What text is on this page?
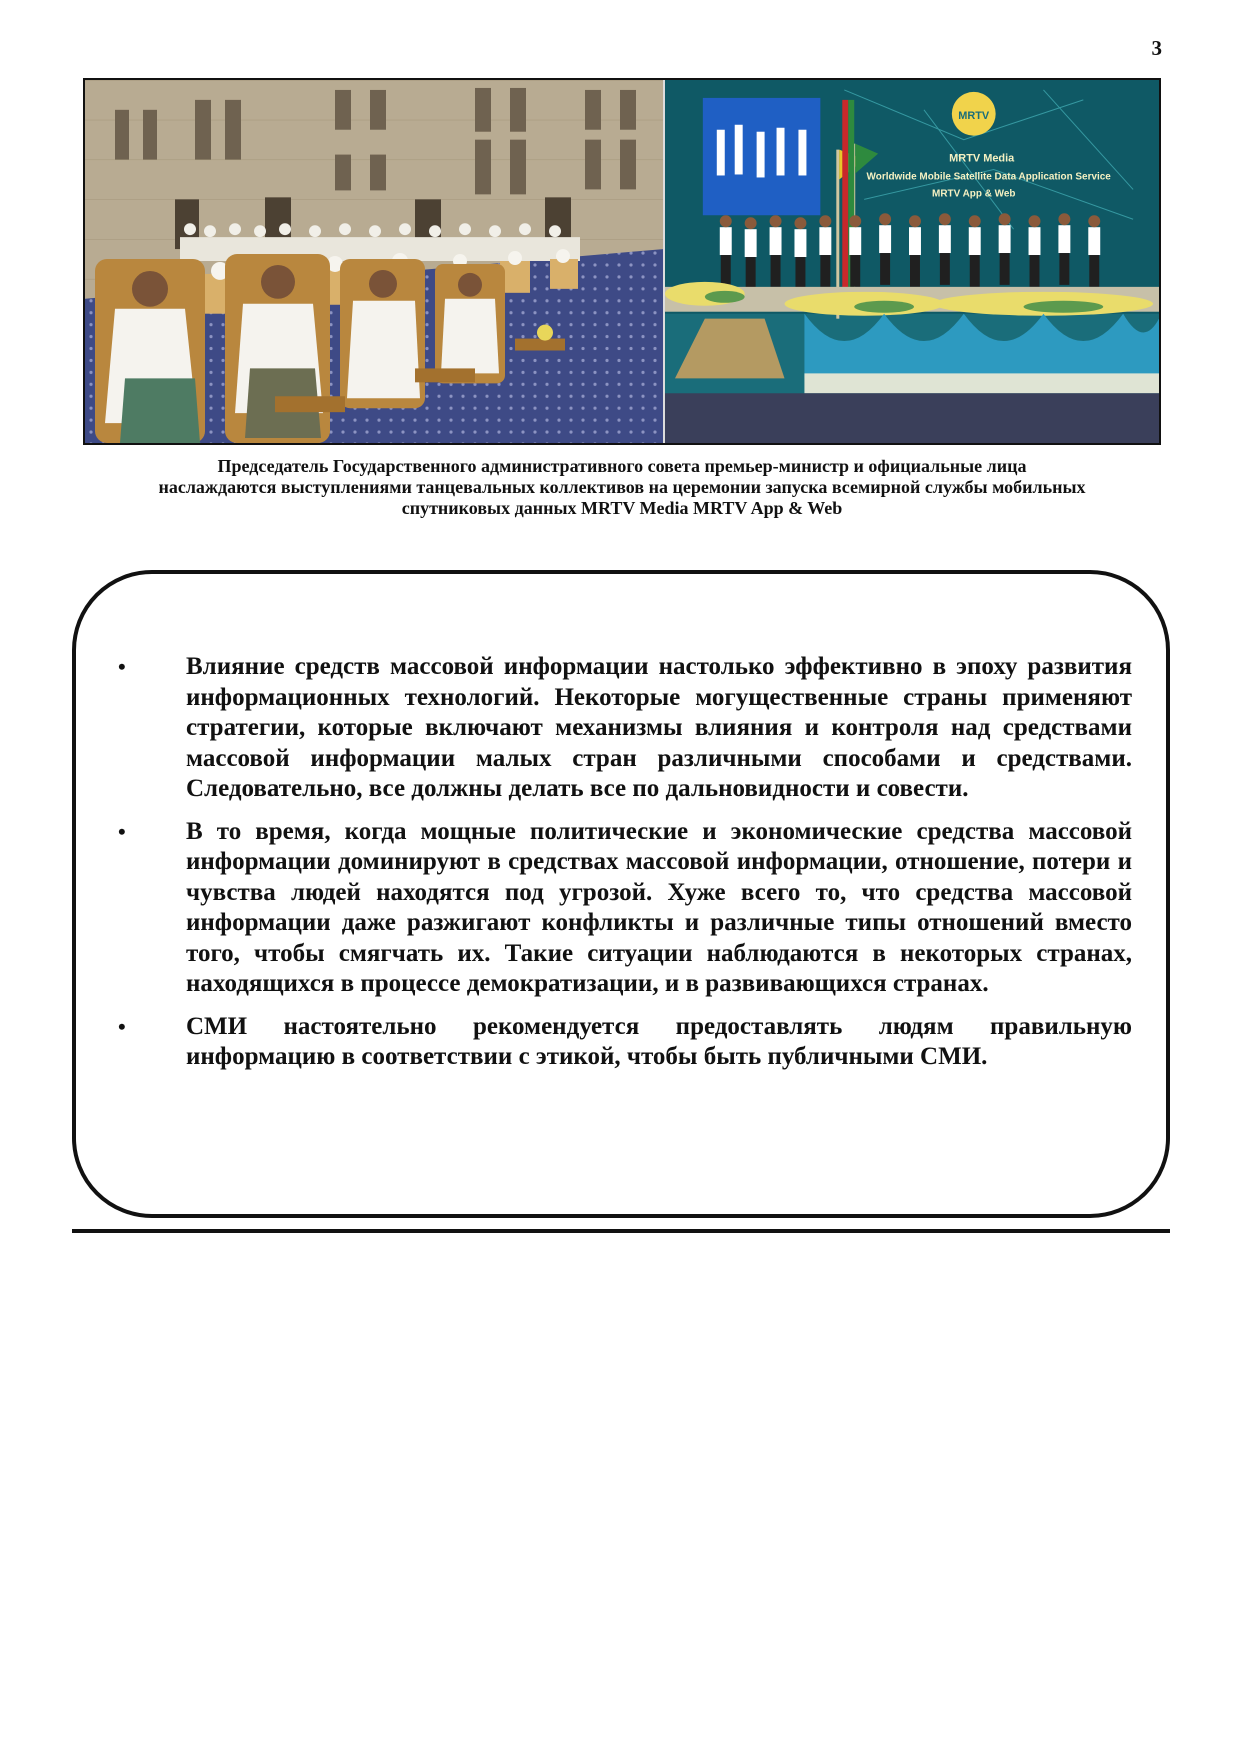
3
MRTV
MRTV Media
Worldwide Mobile Satellite Data Application Service
MRTV App & Web
Председатель Государственного административного совета премьер-министр и официальные лица
наслаждаются выступлениями танцевальных коллективов на церемонии запуска всемирной службы мобильных
спутниковых данных MRTV Media MRTV App & Web
• Влияние средств массовой информации настолько эффективно в эпоху развития информационных технологий. Некоторые могущественные страны применяют стратегии, которые включают механизмы влияния и контроля над средствами массовой информации малых стран различными способами и средствами. Следовательно, все должны делать все по дальновидности и совести.
• В то время, когда мощные политические и экономические средства массовой информации доминируют в средствах массовой информации, отношение, потери и чувства людей находятся под угрозой. Хуже всего то, что средства массовой информации даже разжигают конфликты и различные типы отношений вместо того, чтобы смягчать их. Такие ситуации наблюдаются в некоторых странах, находящихся в процессе демократизации, и в развивающихся странах.
• СМИ настоятельно рекомендуется предоставлять людям правильную информацию в соответствии с этикой, чтобы быть публичными СМИ.
